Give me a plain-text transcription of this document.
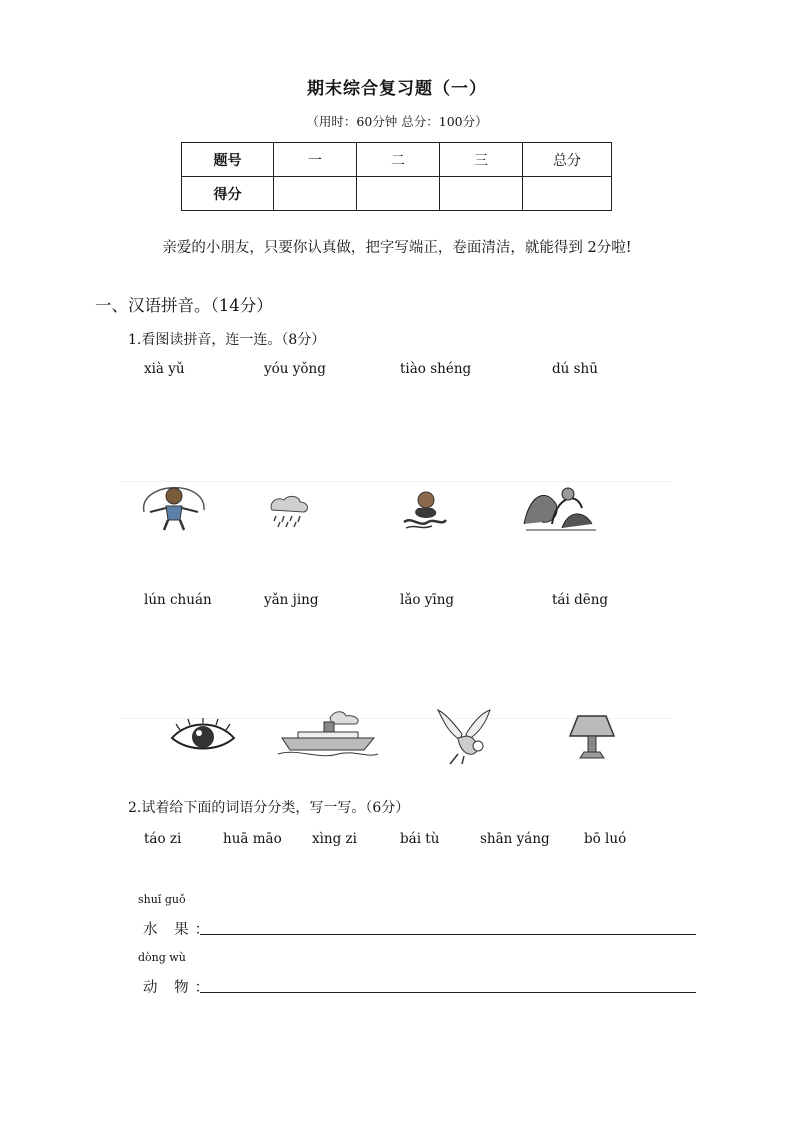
期末综合复习题（一）
（用时：60分钟 总分：100分）
题号	一	二	三	总分
得分				
亲爱的小朋友，只要你认真做，把字写端正，卷面清洁，就能得到 2分啦!
一、汉语拼音。（14分）
1.看图读拼音，连一连。（8分）
xià yǔ	yóu yǒng	tiào shéng	dú shū
lún chuán	yǎn jing	lǎo yīng	tái dēng
2.试着给下面的词语分分类，写一写。（6分）
táo zi	huā māo xìng zi	bái tù	shān yáng	bō luó
shuǐ guǒ
水 果：
dòng wù
动 物：
